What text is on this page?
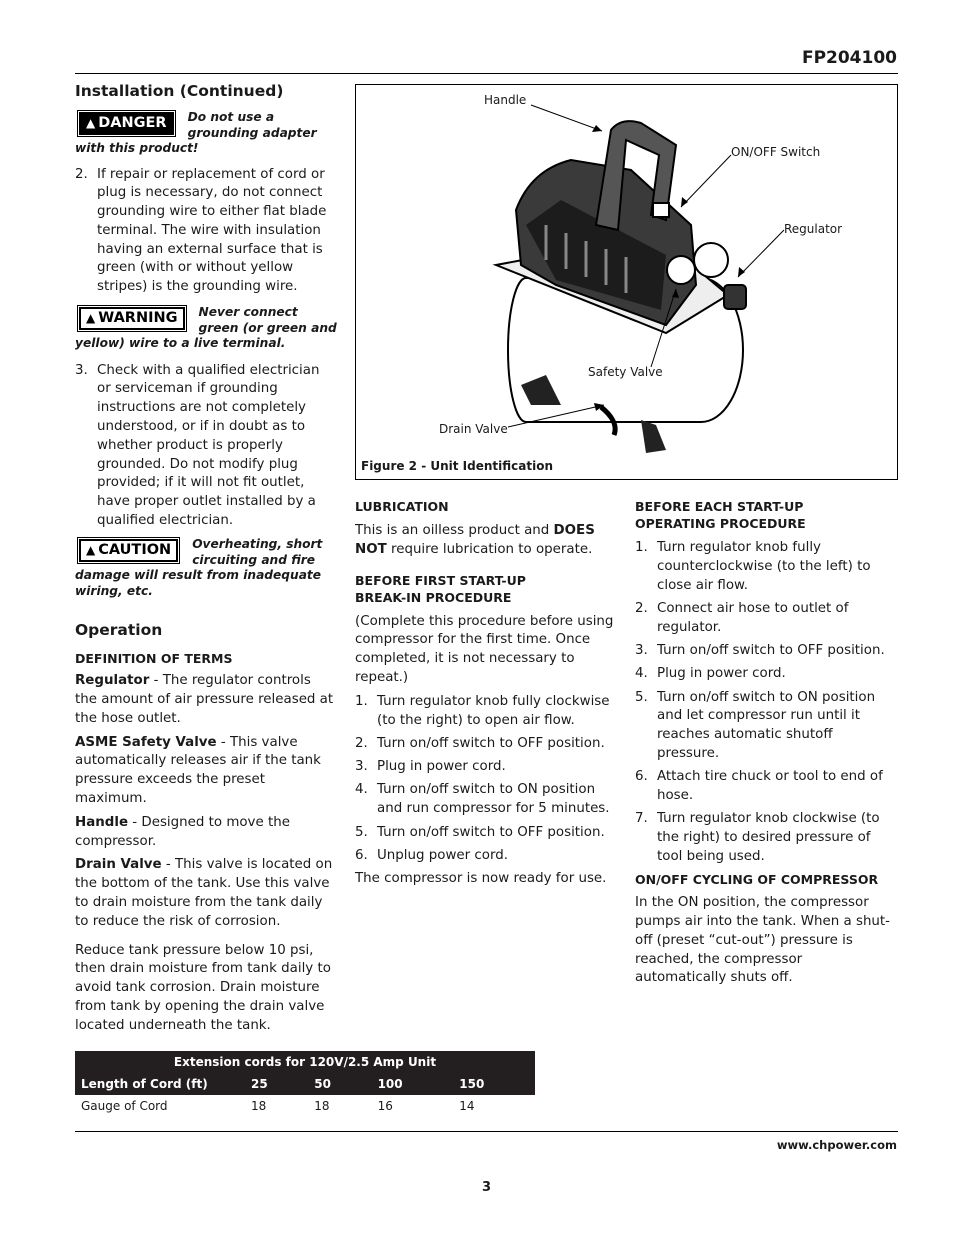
FP204100
Installation (Continued)
▲ DANGER	Do not use a grounding adapter with this product!
2. If repair or replacement of cord or plug is necessary, do not connect grounding wire to either flat blade terminal. The wire with insulation having an external surface that is green (with or without yellow stripes) is the grounding wire.
▲ WARNING	Never connect green (or green and yellow) wire to a live terminal.
3. Check with a qualified electrician or serviceman if grounding instructions are not completely understood, or if in doubt as to whether product is properly grounded. Do not modify plug provided; if it will not fit outlet, have proper outlet installed by a qualified electrician.
▲ CAUTION	Overheating, short circuiting and fire damage will result from inadequate wiring, etc.
Operation
DEFINITION OF TERMS

Regulator - The regulator controls the amount of air pressure released at the hose outlet.

ASME Safety Valve - This valve automatically releases air if the tank pressure exceeds the preset maximum.

Handle - Designed to move the compressor.

Drain Valve - This valve is located on the bottom of the tank. Use this valve to drain moisture from the tank daily to reduce the risk of corrosion.

Reduce tank pressure below 10 psi, then drain moisture from tank daily to avoid tank corrosion. Drain moisture from tank by opening the drain valve located underneath the tank.

Handle
ON/OFF Switch
Regulator
Safety Valve
Drain Valve
Figure 2 - Unit Identification
LUBRICATION

This is an oilless product and DOES NOT require lubrication to operate.

BEFORE FIRST START-UP
BREAK-IN PROCEDURE

(Complete this procedure before using compressor for the first time. Once completed, it is not necessary to repeat.)

1. Turn regulator knob fully clockwise (to the right) to open air flow.
2. Turn on/off switch to OFF position.
3. Plug in power cord.
4. Turn on/off switch to ON position and run compressor for 5 minutes.
5. Turn on/off switch to OFF position.
6. Unplug power cord.

The compressor is now ready for use.

BEFORE EACH START-UP
OPERATING PROCEDURE
1. Turn regulator knob fully counterclockwise (to the left) to close air flow.
2. Connect air hose to outlet of regulator.
3. Turn on/off switch to OFF position.
4. Plug in power cord.
5. Turn on/off switch to ON position and let compressor run until it reaches automatic shutoff pressure.
6. Attach tire chuck or tool to end of hose.
7. Turn regulator knob clockwise (to the right) to desired pressure of tool being used.
ON/OFF CYCLING OF COMPRESSOR

In the ON position, the compressor pumps air into the tank. When a shut-off (preset “cut-out”) pressure is reached, the compressor automatically shuts off.

Extension cords for 120V/2.5 Amp Unit				
Length of Cord (ft)	25	50	100	150
Gauge of Cord	18	18	16	14
www.chpower.com
3
